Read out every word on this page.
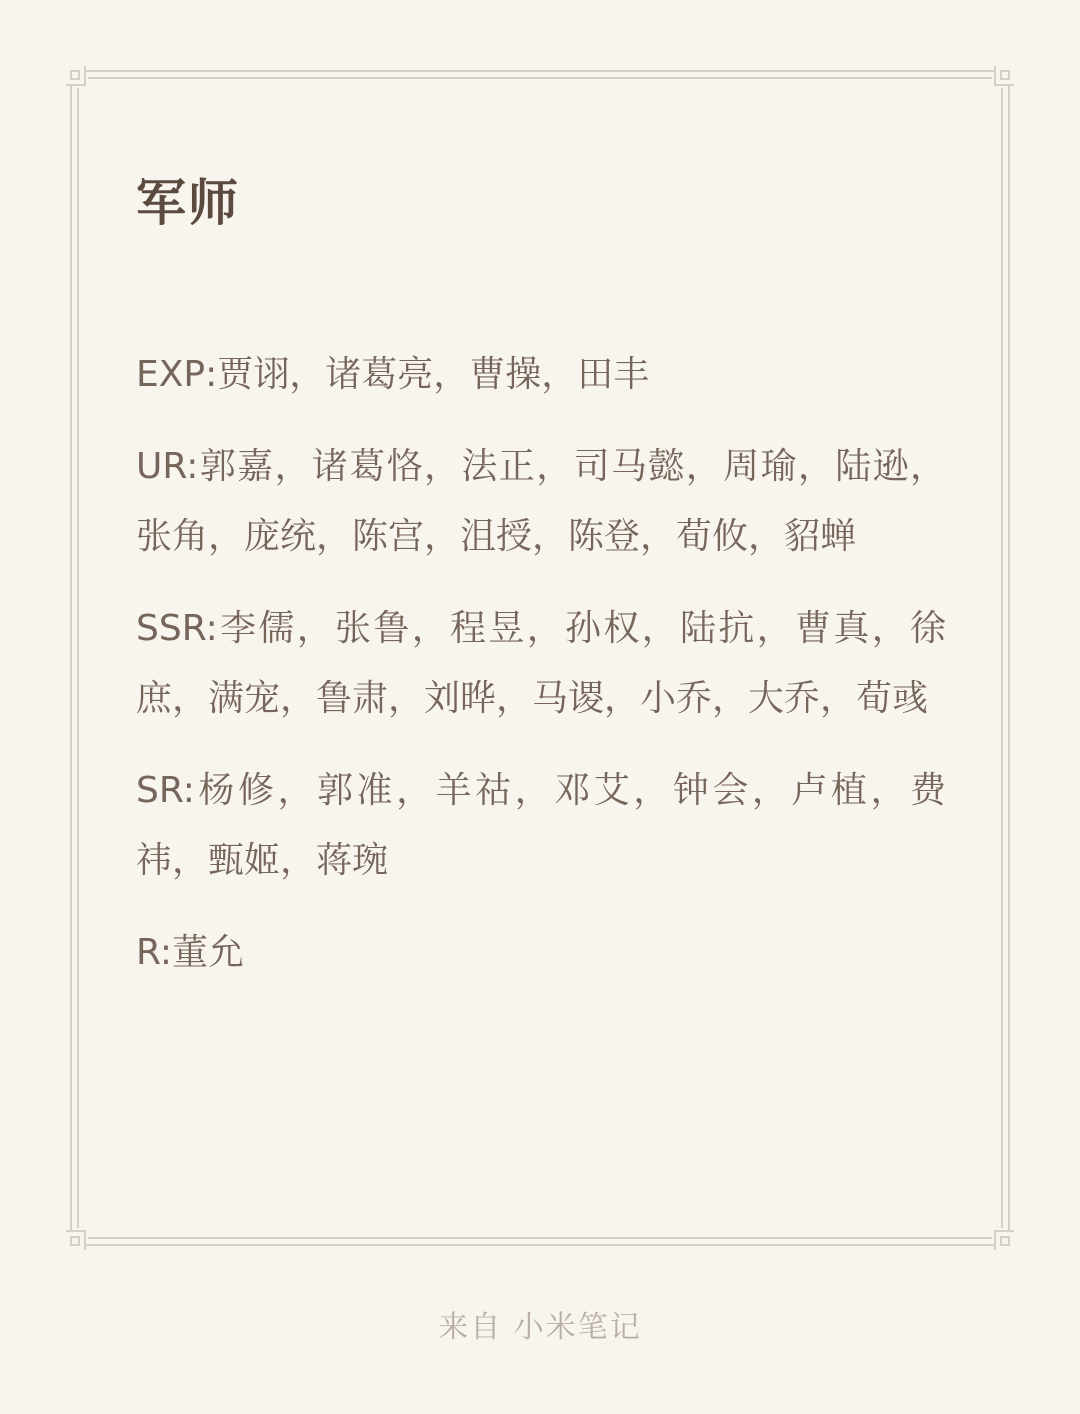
军师

EXP:贾诩，诸葛亮，曹操，田丰

UR:郭嘉，诸葛恪，法正，司马懿，周瑜，陆逊，张角，庞统，陈宫，沮授，陈登，荀攸，貂蝉

SSR:李儒，张鲁，程昱，孙权，陆抗，曹真，徐庶，满宠，鲁肃，刘晔，马谡，小乔，大乔，荀彧

SR:杨修，郭准，羊祜，邓艾，钟会，卢植，费祎，甄姬，蒋琬

R:董允

来自 小米笔记
